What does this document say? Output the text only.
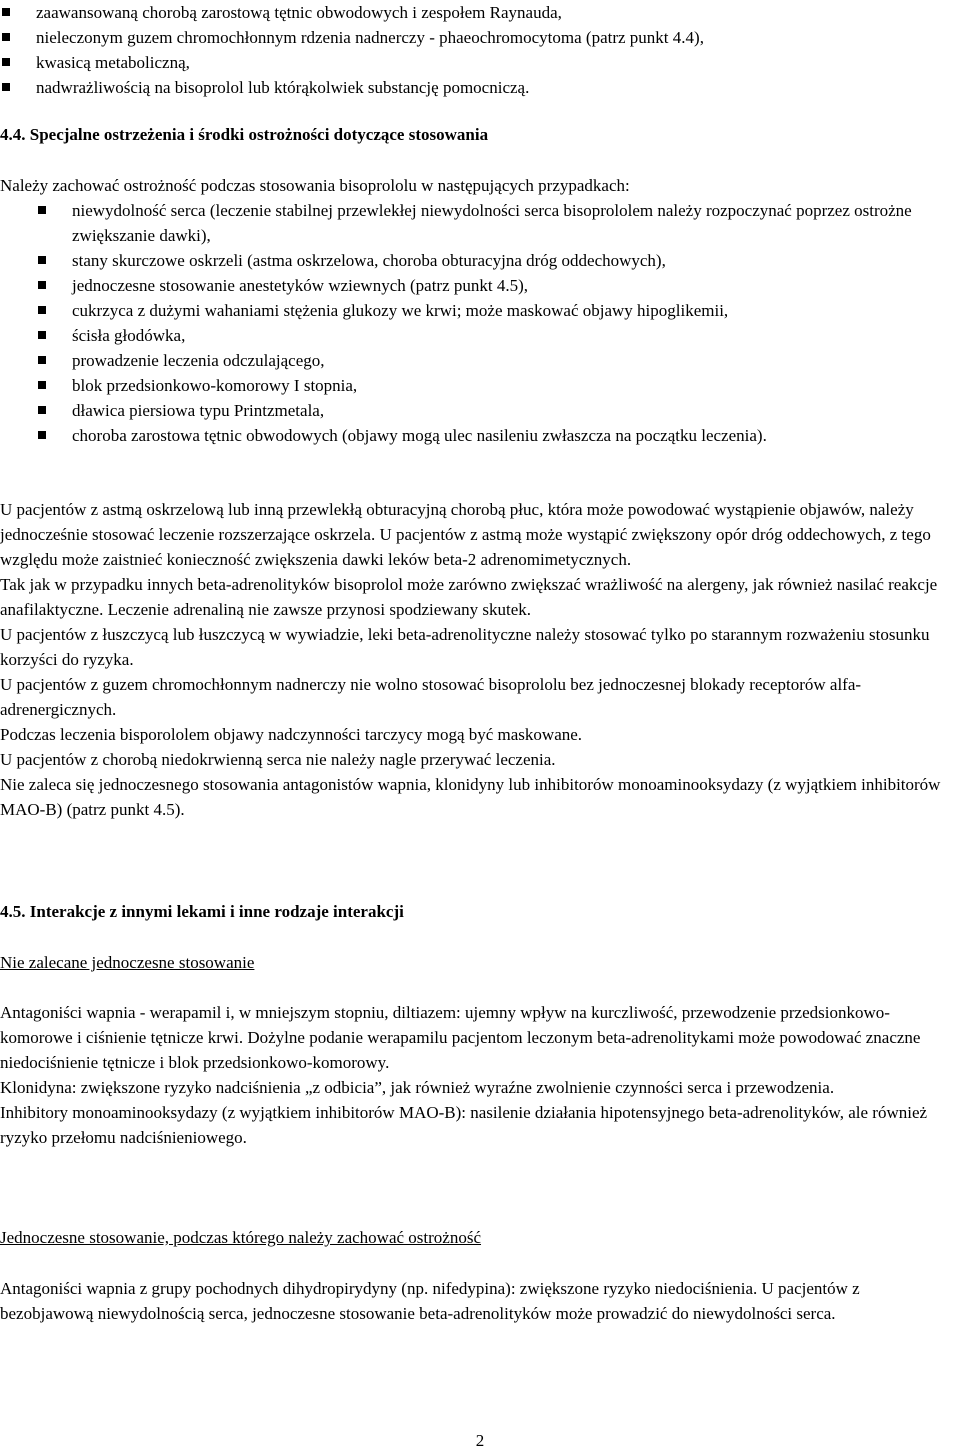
zaawansowaną chorobą zarostową tętnic obwodowych i zespołem Raynauda,
nieleczonym guzem chromochłonnym rdzenia nadnerczy - phaeochromocytoma (patrz punkt 4.4),
kwasicą metaboliczną,
nadwrażliwością na bisoprolol lub którąkolwiek substancję pomocniczą.

4.4. Specjalne ostrzeżenia i środki ostrożności dotyczące stosowania

Należy zachować ostrożność podczas stosowania bisoprololu w następujących przypadkach:
niewydolność serca (leczenie stabilnej przewlekłej niewydolności serca bisoprololem należy rozpoczynać poprzez ostrożne zwiększanie dawki),
stany skurczowe oskrzeli (astma oskrzelowa, choroba obturacyjna dróg oddechowych),
jednoczesne stosowanie anestetyków wziewnych (patrz punkt 4.5),
cukrzyca z dużymi wahaniami stężenia glukozy we krwi; może maskować objawy hipoglikemii,
ścisła głodówka,
prowadzenie leczenia odczulającego,
blok przedsionkowo-komorowy I stopnia,
dławica piersiowa typu Printzmetala,
choroba zarostowa tętnic obwodowych (objawy mogą ulec nasileniu zwłaszcza na początku leczenia).

U pacjentów z astmą oskrzelową lub inną przewlekłą obturacyjną chorobą płuc, która może powodować wystąpienie objawów, należy jednocześnie stosować leczenie rozszerzające oskrzela. U pacjentów z astmą może wystąpić zwiększony opór dróg oddechowych, z tego względu może zaistnieć konieczność zwiększenia dawki leków beta-2 adrenomimetycznych.

Tak jak w przypadku innych beta-adrenolityków bisoprolol może zarówno zwiększać wrażliwość na alergeny, jak również nasilać reakcje anafilaktyczne. Leczenie adrenaliną nie zawsze przynosi spodziewany skutek.

U pacjentów z łuszczycą lub łuszczycą w wywiadzie, leki beta-adrenolityczne należy stosować tylko po starannym rozważeniu stosunku korzyści do ryzyka.

U pacjentów z guzem chromochłonnym nadnerczy nie wolno stosować bisoprololu bez jednoczesnej blokady receptorów alfa-adrenergicznych.

Podczas leczenia bisporololem objawy nadczynności tarczycy mogą być maskowane.

U pacjentów z chorobą niedokrwienną serca nie należy nagle przerywać leczenia.

Nie zaleca się jednoczesnego stosowania antagonistów wapnia, klonidyny lub inhibitorów monoaminooksydazy (z wyjątkiem inhibitorów MAO-B) (patrz punkt 4.5).

4.5. Interakcje z innymi lekami i inne rodzaje interakcji

Nie zalecane jednoczesne stosowanie

Antagoniści wapnia - werapamil i, w mniejszym stopniu, diltiazem: ujemny wpływ na kurczliwość, przewodzenie przedsionkowo-komorowe i ciśnienie tętnicze krwi. Dożylne podanie werapamilu pacjentom leczonym beta-adrenolitykami może powodować znaczne niedociśnienie tętnicze i blok przedsionkowo-komorowy.

Klonidyna: zwiększone ryzyko nadciśnienia „z odbicia”, jak również wyraźne zwolnienie czynności serca i przewodzenia.

Inhibitory monoaminooksydazy (z wyjątkiem inhibitorów MAO-B): nasilenie działania hipotensyjnego beta-adrenolityków, ale również ryzyko przełomu nadciśnieniowego.

Jednoczesne stosowanie, podczas którego należy zachować ostrożność

Antagoniści wapnia z grupy pochodnych dihydropirydyny (np. nifedypina): zwiększone ryzyko niedociśnienia. U pacjentów z bezobjawową niewydolnością serca, jednoczesne stosowanie beta-adrenolityków może prowadzić do niewydolności serca.

2
